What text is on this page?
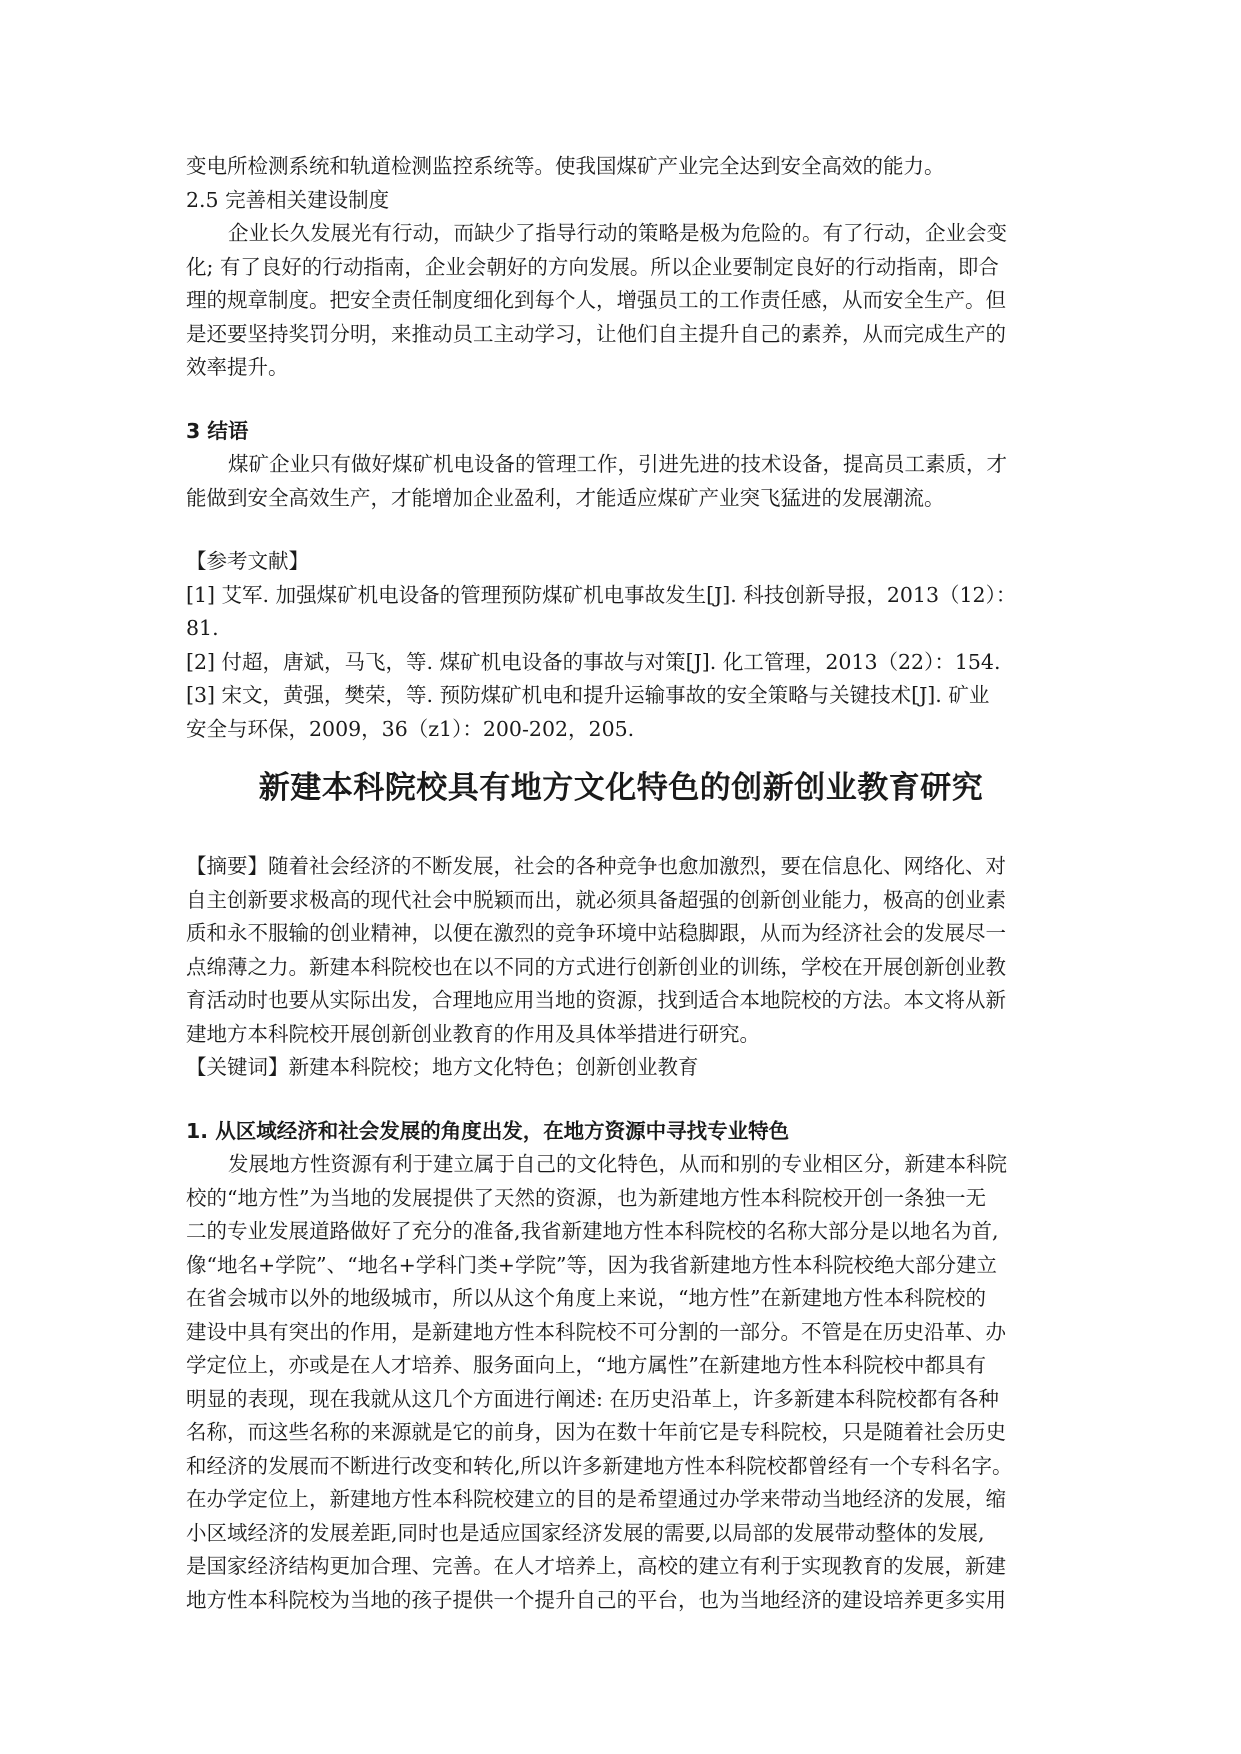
变电所检测系统和轨道检测监控系统等。使我国煤矿产业完全达到安全高效的能力。
2.5 完善相关建设制度
企业长久发展光有行动，而缺少了指导行动的策略是极为危险的。有了行动，企业会变
化; 有了良好的行动指南，企业会朝好的方向发展。所以企业要制定良好的行动指南，即合
理的规章制度。把安全责任制度细化到每个人，增强员工的工作责任感，从而安全生产。但
是还要坚持奖罚分明，来推动员工主动学习，让他们自主提升自己的素养，从而完成生产的
效率提升。
3 结语
煤矿企业只有做好煤矿机电设备的管理工作，引进先进的技术设备，提高员工素质，才
能做到安全高效生产，才能增加企业盈利，才能适应煤矿产业突飞猛进的发展潮流。
【参考文献】
[1] 艾军. 加强煤矿机电设备的管理预防煤矿机电事故发生[J]. 科技创新导报，2013（12）：
81.
[2] 付超，唐斌，马飞，等. 煤矿机电设备的事故与对策[J]. 化工管理，2013（22）：154.
[3] 宋文，黄强，樊荣，等. 预防煤矿机电和提升运输事故的安全策略与关键技术[J]. 矿业
安全与环保，2009，36（z1）：200-202，205.
新建本科院校具有地方文化特色的创新创业教育研究
【摘要】随着社会经济的不断发展，社会的各种竞争也愈加激烈，要在信息化、网络化、对
自主创新要求极高的现代社会中脱颖而出，就必须具备超强的创新创业能力，极高的创业素
质和永不服输的创业精神，以便在激烈的竞争环境中站稳脚跟，从而为经济社会的发展尽一
点绵薄之力。新建本科院校也在以不同的方式进行创新创业的训练，学校在开展创新创业教
育活动时也要从实际出发，合理地应用当地的资源，找到适合本地院校的方法。本文将从新
建地方本科院校开展创新创业教育的作用及具体举措进行研究。
【关键词】新建本科院校；地方文化特色；创新创业教育
1. 从区域经济和社会发展的角度出发，在地方资源中寻找专业特色
发展地方性资源有利于建立属于自己的文化特色，从而和别的专业相区分，新建本科院
校的“地方性”为当地的发展提供了天然的资源，也为新建地方性本科院校开创一条独一无
二的专业发展道路做好了充分的准备,我省新建地方性本科院校的名称大部分是以地名为首,
像“地名+学院”、“地名+学科门类+学院”等，因为我省新建地方性本科院校绝大部分建立
在省会城市以外的地级城市，所以从这个角度上来说，“地方性”在新建地方性本科院校的
建设中具有突出的作用，是新建地方性本科院校不可分割的一部分。不管是在历史沿革、办
学定位上，亦或是在人才培养、服务面向上，“地方属性”在新建地方性本科院校中都具有
明显的表现，现在我就从这几个方面进行阐述: 在历史沿革上，许多新建本科院校都有各种
名称，而这些名称的来源就是它的前身，因为在数十年前它是专科院校，只是随着社会历史
和经济的发展而不断进行改变和转化,所以许多新建地方性本科院校都曾经有一个专科名字。
在办学定位上，新建地方性本科院校建立的目的是希望通过办学来带动当地经济的发展，缩
小区域经济的发展差距,同时也是适应国家经济发展的需要,以局部的发展带动整体的发展,
是国家经济结构更加合理、完善。在人才培养上，高校的建立有利于实现教育的发展，新建
地方性本科院校为当地的孩子提供一个提升自己的平台，也为当地经济的建设培养更多实用
